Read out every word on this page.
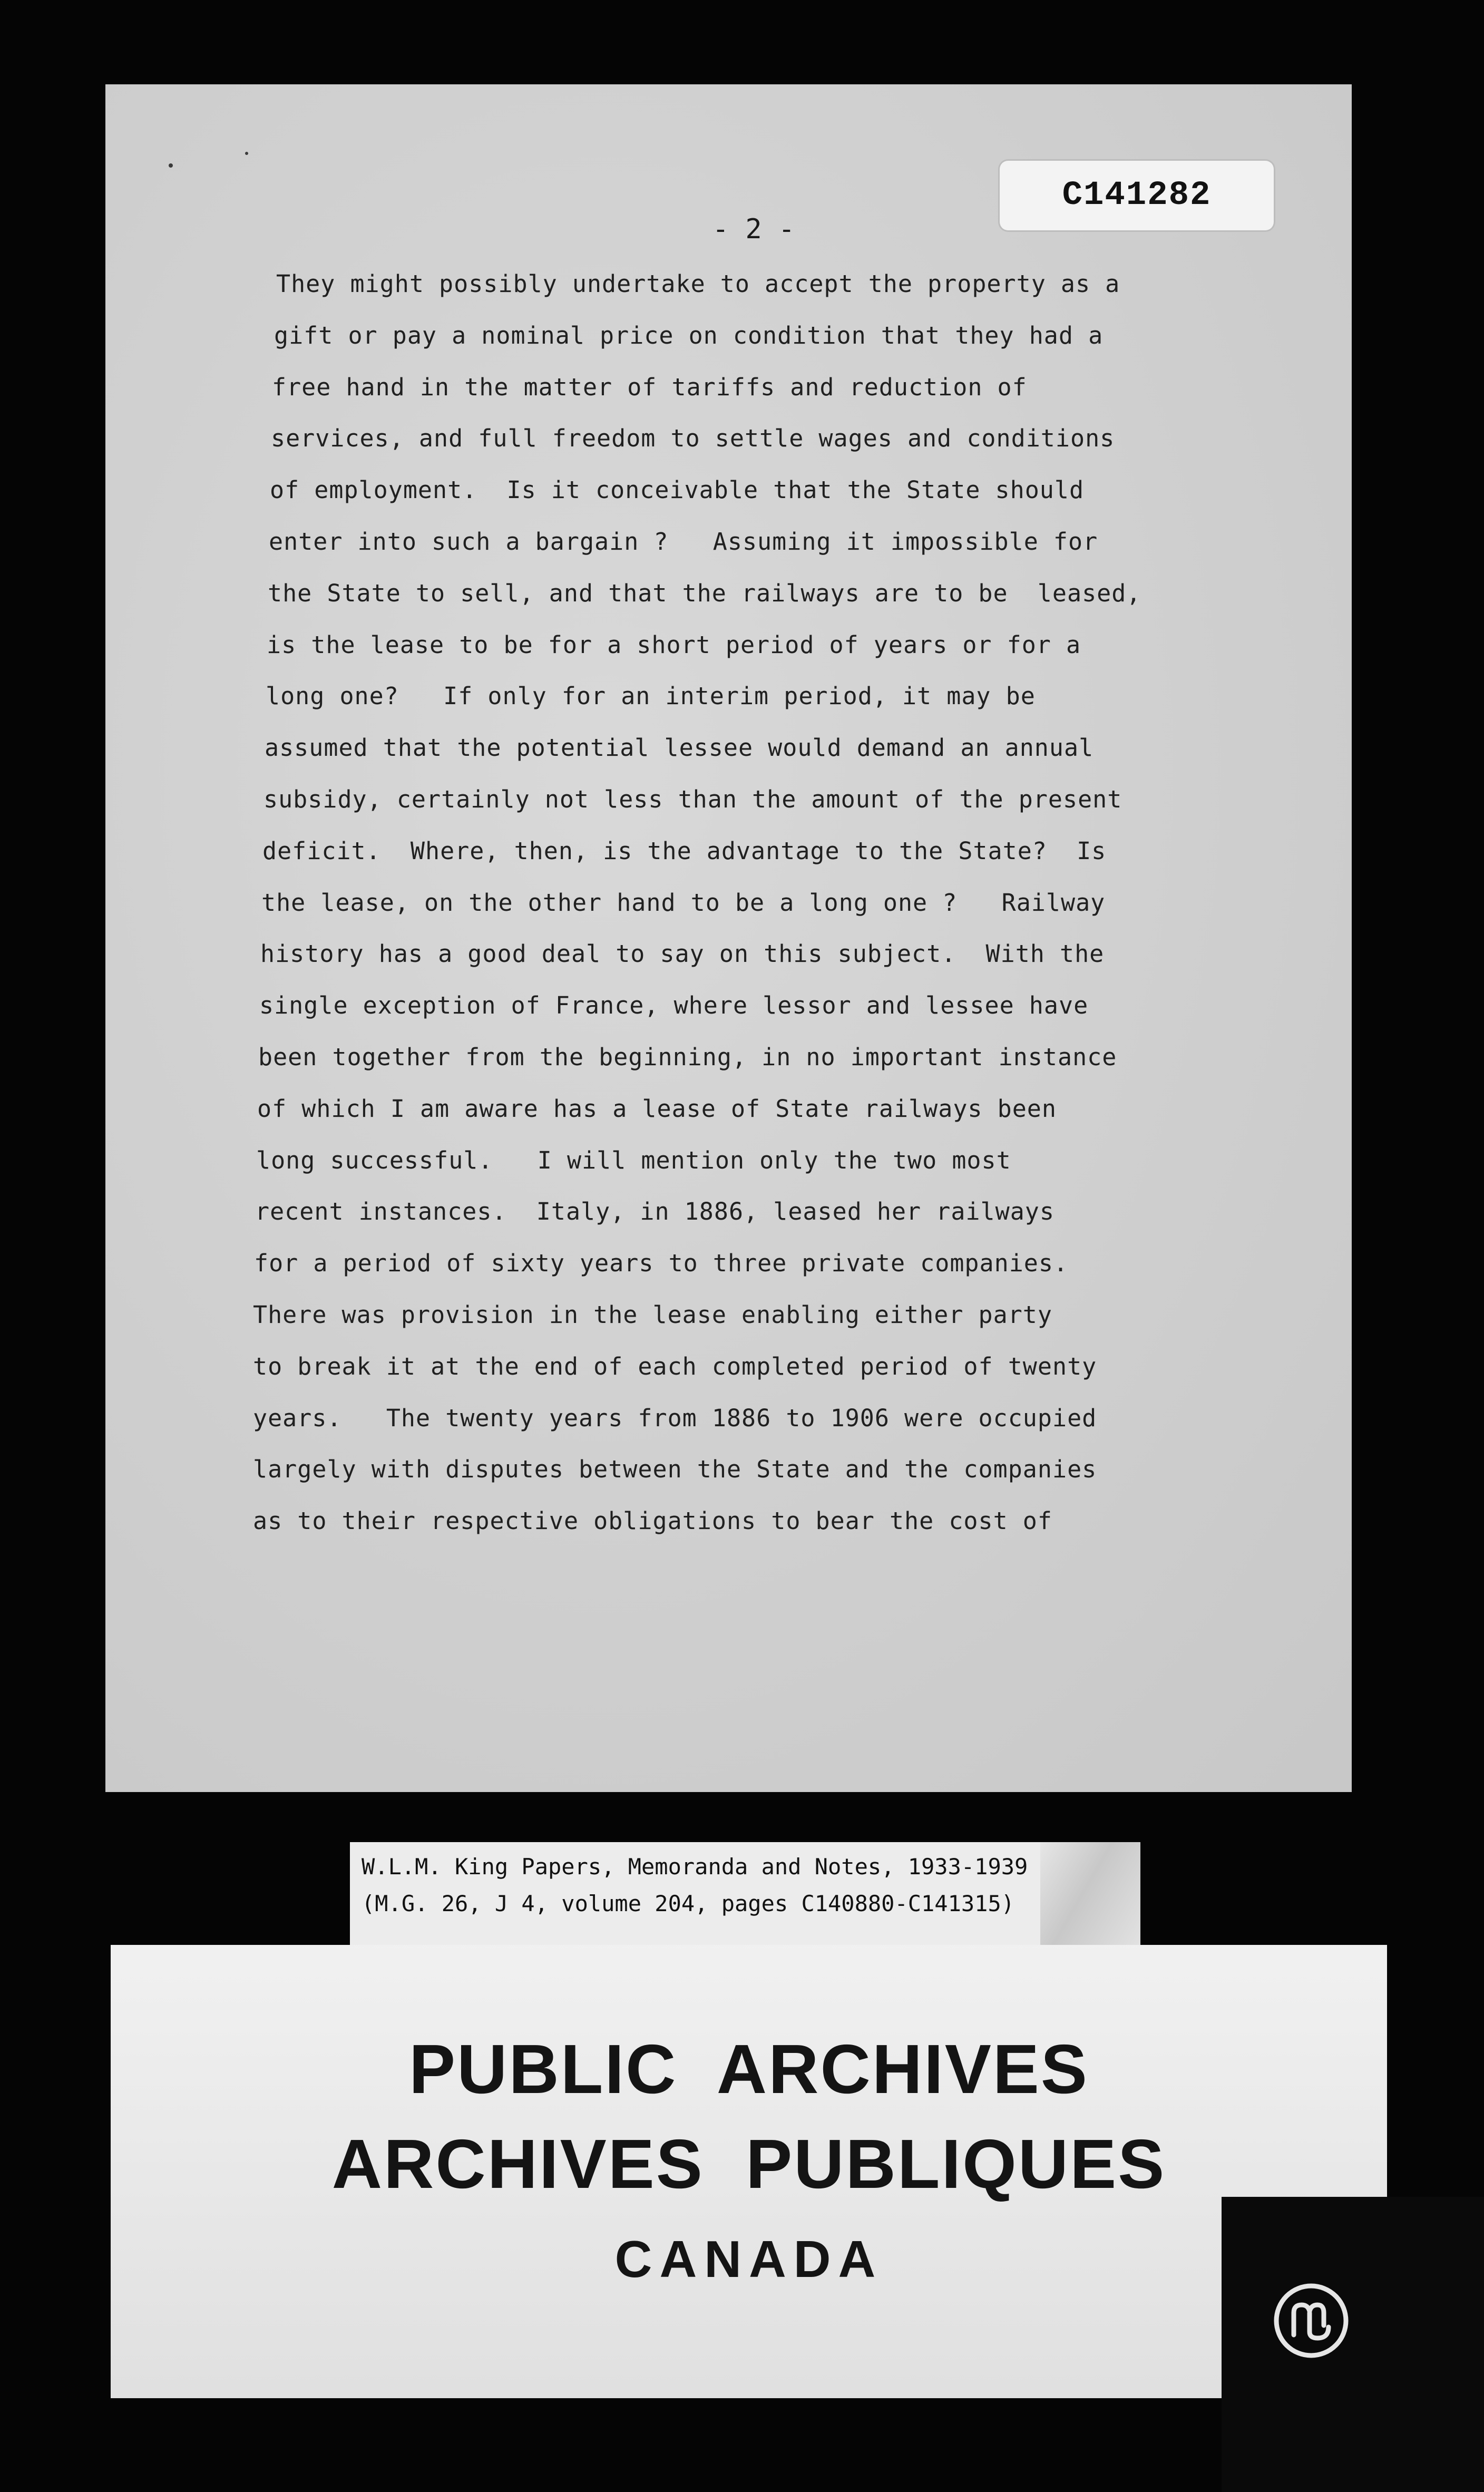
C141282
- 2 -
They might possibly undertake to accept the property as a
gift or pay a nominal price on condition that they had a
free hand in the matter of tariffs and reduction of
services, and full freedom to settle wages and conditions
of employment.  Is it conceivable that the State should
enter into such a bargain ?   Assuming it impossible for
the State to sell, and that the railways are to be  leased,
is the lease to be for a short period of years or for a
long one?   If only for an interim period, it may be
assumed that the potential lessee would demand an annual
subsidy, certainly not less than the amount of the present
deficit.  Where, then, is the advantage to the State?  Is
the lease, on the other hand to be a long one ?   Railway
history has a good deal to say on this subject.  With the
single exception of France, where lessor and lessee have
been together from the beginning, in no important instance
of which I am aware has a lease of State railways been
long successful.   I will mention only the two most
recent instances.  Italy, in 1886, leased her railways
for a period of sixty years to three private companies.
There was provision in the lease enabling either party
to break it at the end of each completed period of twenty
years.   The twenty years from 1886 to 1906 were occupied
largely with disputes between the State and the companies
as to their respective obligations to bear the cost of
W.L.M. King Papers, Memoranda and Notes, 1933-1939
(M.G. 26, J 4, volume 204, pages C140880-C141315)
PUBLIC  ARCHIVES
ARCHIVES  PUBLIQUES
CANADA
